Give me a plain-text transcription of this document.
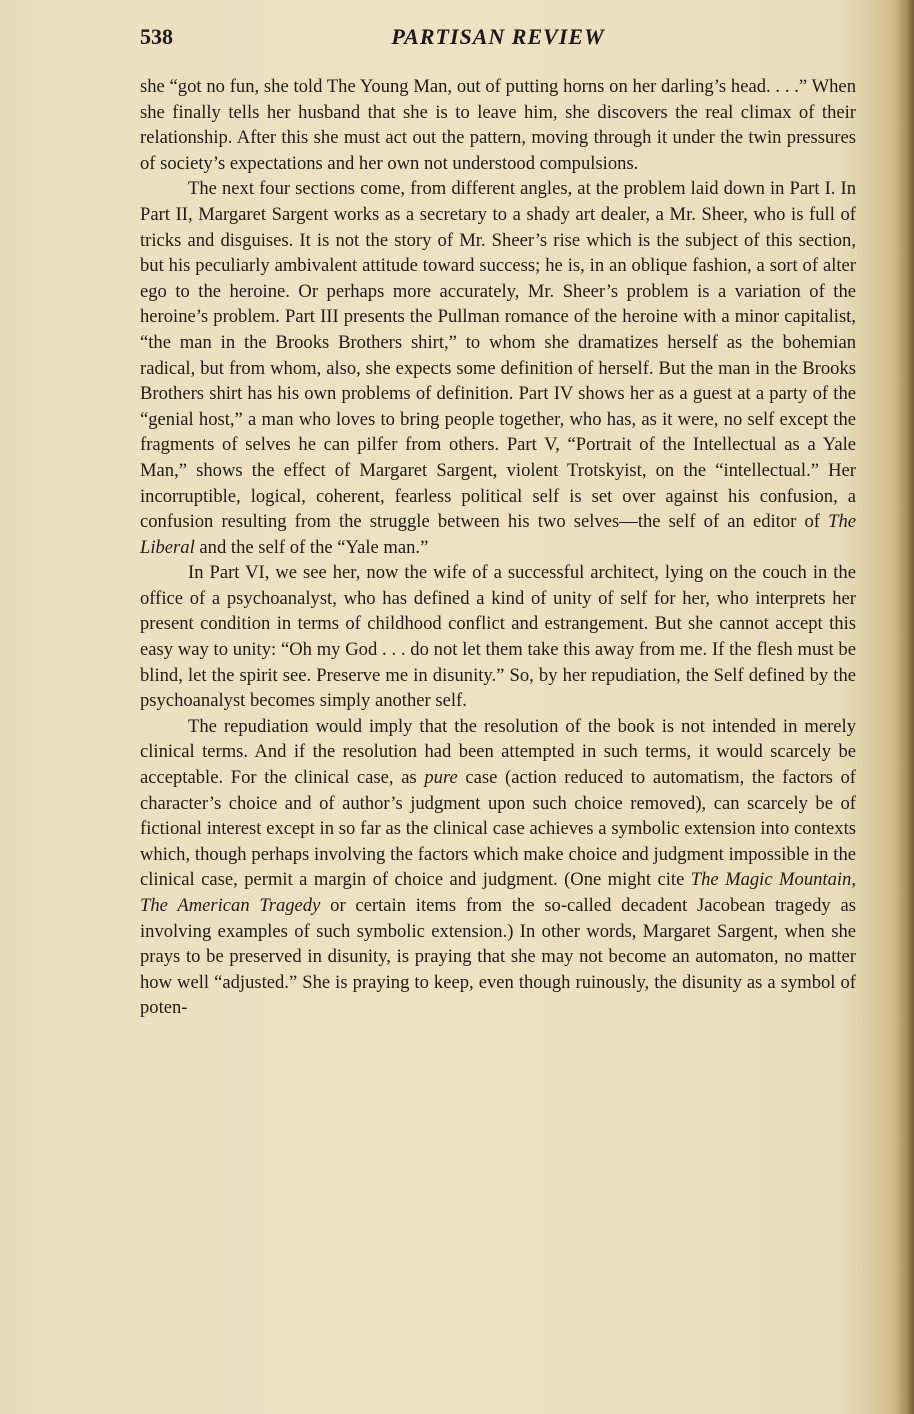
538	PARTISAN REVIEW

she “got no fun, she told The Young Man, out of putting horns on her darling’s head. . . .” When she finally tells her husband that she is to leave him, she discovers the real climax of their relationship. After this she must act out the pattern, moving through it under the twin pressures of society’s expectations and her own not understood compulsions.

The next four sections come, from different angles, at the problem laid down in Part I. In Part II, Margaret Sargent works as a secretary to a shady art dealer, a Mr. Sheer, who is full of tricks and disguises. It is not the story of Mr. Sheer’s rise which is the subject of this section, but his peculiarly ambivalent attitude toward success; he is, in an oblique fashion, a sort of alter ego to the heroine. Or perhaps more accurately, Mr. Sheer’s problem is a variation of the heroine’s problem. Part III presents the Pullman romance of the heroine with a minor capitalist, “the man in the Brooks Brothers shirt,” to whom she dramatizes herself as the bohemian radical, but from whom, also, she expects some definition of herself. But the man in the Brooks Brothers shirt has his own problems of definition. Part IV shows her as a guest at a party of the “genial host,” a man who loves to bring people together, who has, as it were, no self except the fragments of selves he can pilfer from others. Part V, “Portrait of the Intellectual as a Yale Man,” shows the effect of Margaret Sargent, violent Trotskyist, on the “intellectual.” Her incorruptible, logical, coherent, fearless political self is set over against his confusion, a confusion resulting from the struggle between his two selves—the self of an editor of The Liberal and the self of the “Yale man.”

In Part VI, we see her, now the wife of a successful architect, lying on the couch in the office of a psychoanalyst, who has defined a kind of unity of self for her, who interprets her present condition in terms of childhood conflict and estrangement. But she cannot accept this easy way to unity: “Oh my God . . . do not let them take this away from me. If the flesh must be blind, let the spirit see. Preserve me in disunity.” So, by her repudiation, the Self defined by the psychoanalyst becomes simply another self.

The repudiation would imply that the resolution of the book is not intended in merely clinical terms. And if the resolution had been attempted in such terms, it would scarcely be acceptable. For the clinical case, as pure case (action reduced to automatism, the factors of character’s choice and of author’s judgment upon such choice removed), can scarcely be of fictional interest except in so far as the clinical case achieves a symbolic extension into contexts which, though perhaps involving the factors which make choice and judgment impossible in the clinical case, permit a margin of choice and judgment. (One might cite The Magic Mountain, The American Tragedy or certain items from the so-called decadent Jacobean tragedy as involving examples of such symbolic extension.) In other words, Margaret Sargent, when she prays to be preserved in disunity, is praying that she may not become an automaton, no matter how well “adjusted.” She is praying to keep, even though ruinously, the disunity as a symbol of poten-
